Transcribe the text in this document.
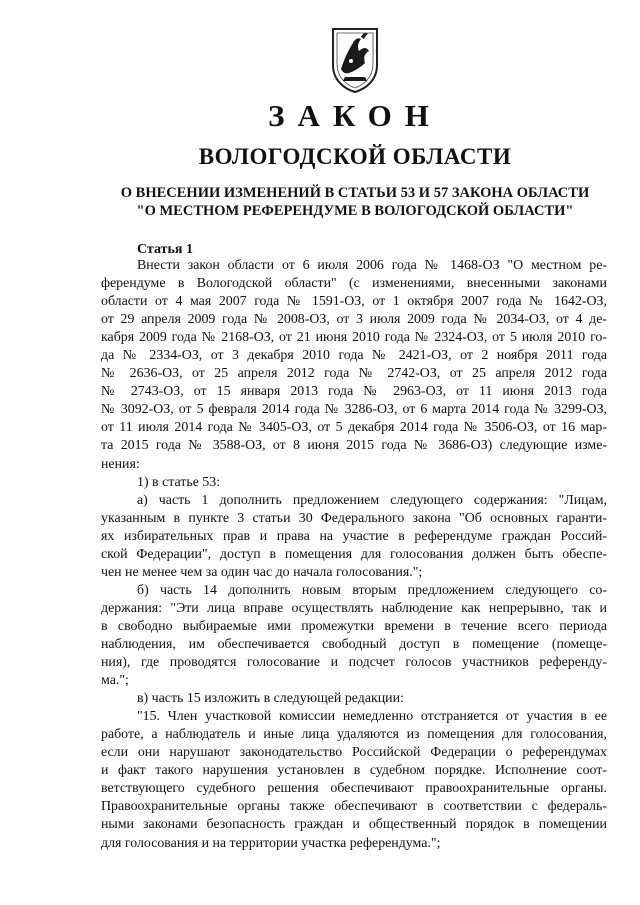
ЗАКОН
ВОЛОГОДСКОЙ ОБЛАСТИ
О ВНЕСЕНИИ ИЗМЕНЕНИЙ В СТАТЬИ 53 И 57 ЗАКОНА ОБЛАСТИ
"О МЕСТНОМ РЕФЕРЕНДУМЕ В ВОЛОГОДСКОЙ ОБЛАСТИ"
Статья 1
Внести закон области от 6 июля 2006 года № 1468-ОЗ "О местном ре-
ферендуме в Вологодской области" (с изменениями, внесенными законами
области от 4 мая 2007 года № 1591-ОЗ, от 1 октября 2007 года № 1642-ОЗ,
от 29 апреля 2009 года № 2008-ОЗ, от 3 июля 2009 года № 2034-ОЗ, от 4 де-
кабря 2009 года № 2168-ОЗ, от 21 июня 2010 года № 2324-ОЗ, от 5 июля 2010 го-
да № 2334-ОЗ, от 3 декабря 2010 года № 2421-ОЗ, от 2 ноября 2011 года
№ 2636-ОЗ, от 25 апреля 2012 года № 2742-ОЗ, от 25 апреля 2012 года
№ 2743-ОЗ, от 15 января 2013 года № 2963-ОЗ, от 11 июня 2013 года
№ 3092-ОЗ, от 5 февраля 2014 года № 3286-ОЗ, от 6 марта 2014 года № 3299-ОЗ,
от 11 июля 2014 года № 3405-ОЗ, от 5 декабря 2014 года № 3506-ОЗ, от 16 мар-
та 2015 года № 3588-ОЗ, от 8 июня 2015 года № 3686-ОЗ) следующие изме-
нения:
1) в статье 53:
а) часть 1 дополнить предложением следующего содержания: "Лицам,
указанным в пункте 3 статьи 30 Федерального закона "Об основных гаранти-
ях избирательных прав и права на участие в референдуме граждан Россий-
ской Федерации", доступ в помещения для голосования должен быть обеспе-
чен не менее чем за один час до начала голосования.";
б) часть 14 дополнить новым вторым предложением следующего со-
держания: "Эти лица вправе осуществлять наблюдение как непрерывно, так и
в свободно выбираемые ими промежутки времени в течение всего периода
наблюдения, им обеспечивается свободный доступ в помещение (помеще-
ния), где проводятся голосование и подсчет голосов участников референду-
ма.";
в) часть 15 изложить в следующей редакции:
"15. Член участковой комиссии немедленно отстраняется от участия в ее
работе, а наблюдатель и иные лица удаляются из помещения для голосования,
если они нарушают законодательство Российской Федерации о референдумах
и факт такого нарушения установлен в судебном порядке. Исполнение соот-
ветствующего судебного решения обеспечивают правоохранительные органы.
Правоохранительные органы также обеспечивают в соответствии с федераль-
ными законами безопасность граждан и общественный порядок в помещении
для голосования и на территории участка референдума.";
